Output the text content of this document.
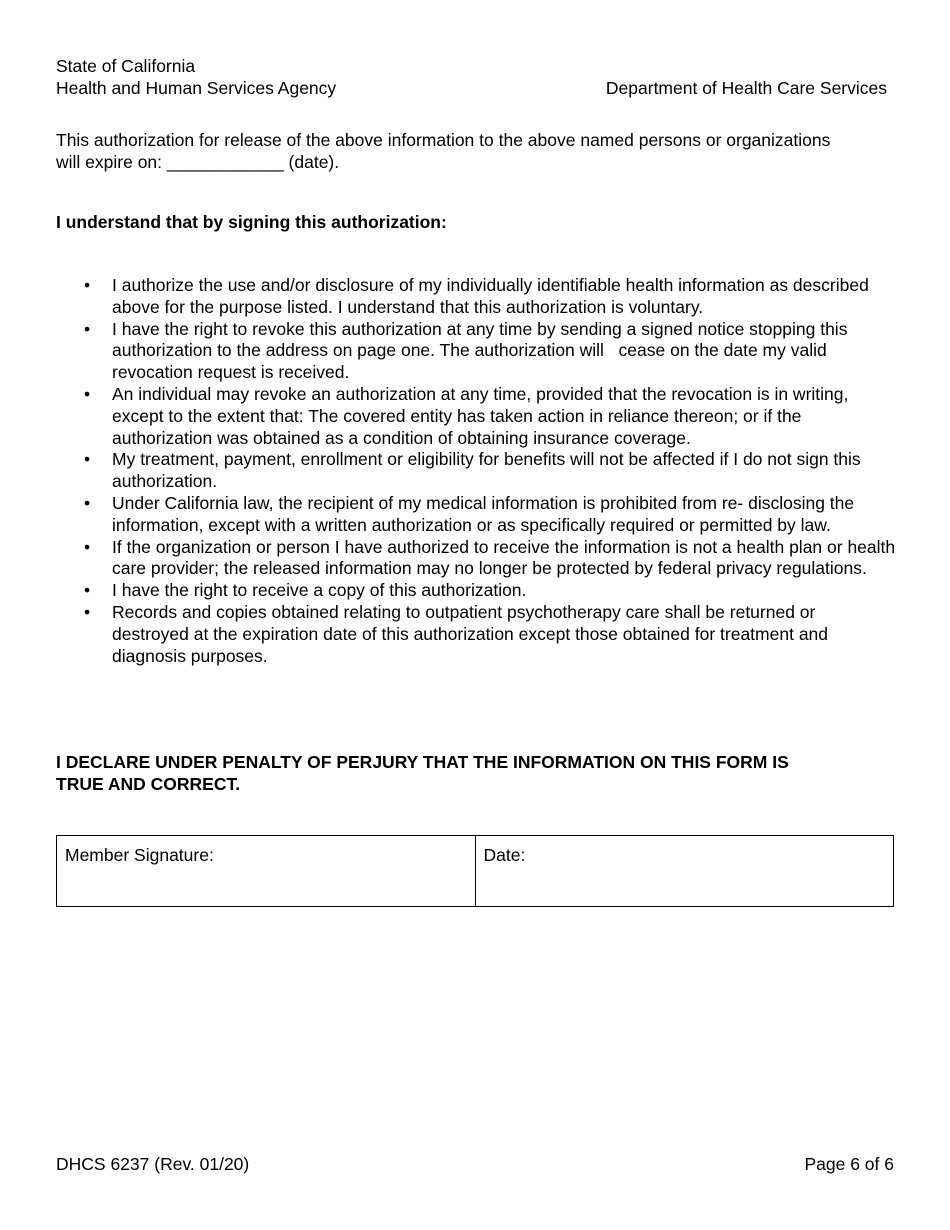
State of California
Health and Human Services Agency	Department of Health Care Services
This authorization for release of the above information to the above named persons or organizations
will expire on: ____________ (date).
I understand that by signing this authorization:
• I authorize the use and/or disclosure of my individually identifiable health information as described above for the purpose listed. I understand that this authorization is voluntary.
• I have the right to revoke this authorization at any time by sending a signed notice stopping this authorization to the address on page one. The authorization will   cease on the date my valid revocation request is received.
• An individual may revoke an authorization at any time, provided that the revocation is in writing, except to the extent that: The covered entity has taken action in reliance thereon; or if the authorization was obtained as a condition of obtaining insurance coverage.
• My treatment, payment, enrollment or eligibility for benefits will not be affected if I do not sign this authorization.
• Under California law, the recipient of my medical information is prohibited from re- disclosing the information, except with a written authorization or as specifically required or permitted by law.
• If the organization or person I have authorized to receive the information is not a health plan or health care provider; the released information may no longer be protected by federal privacy regulations.
• I have the right to receive a copy of this authorization.
• Records and copies obtained relating to outpatient psychotherapy care shall be returned or destroyed at the expiration date of this authorization except those obtained for treatment and diagnosis purposes.
I DECLARE UNDER PENALTY OF PERJURY THAT THE INFORMATION ON THIS FORM IS
TRUE AND CORRECT.
Member Signature:	Date:
DHCS 6237 (Rev. 01/20)	Page 6 of 6
